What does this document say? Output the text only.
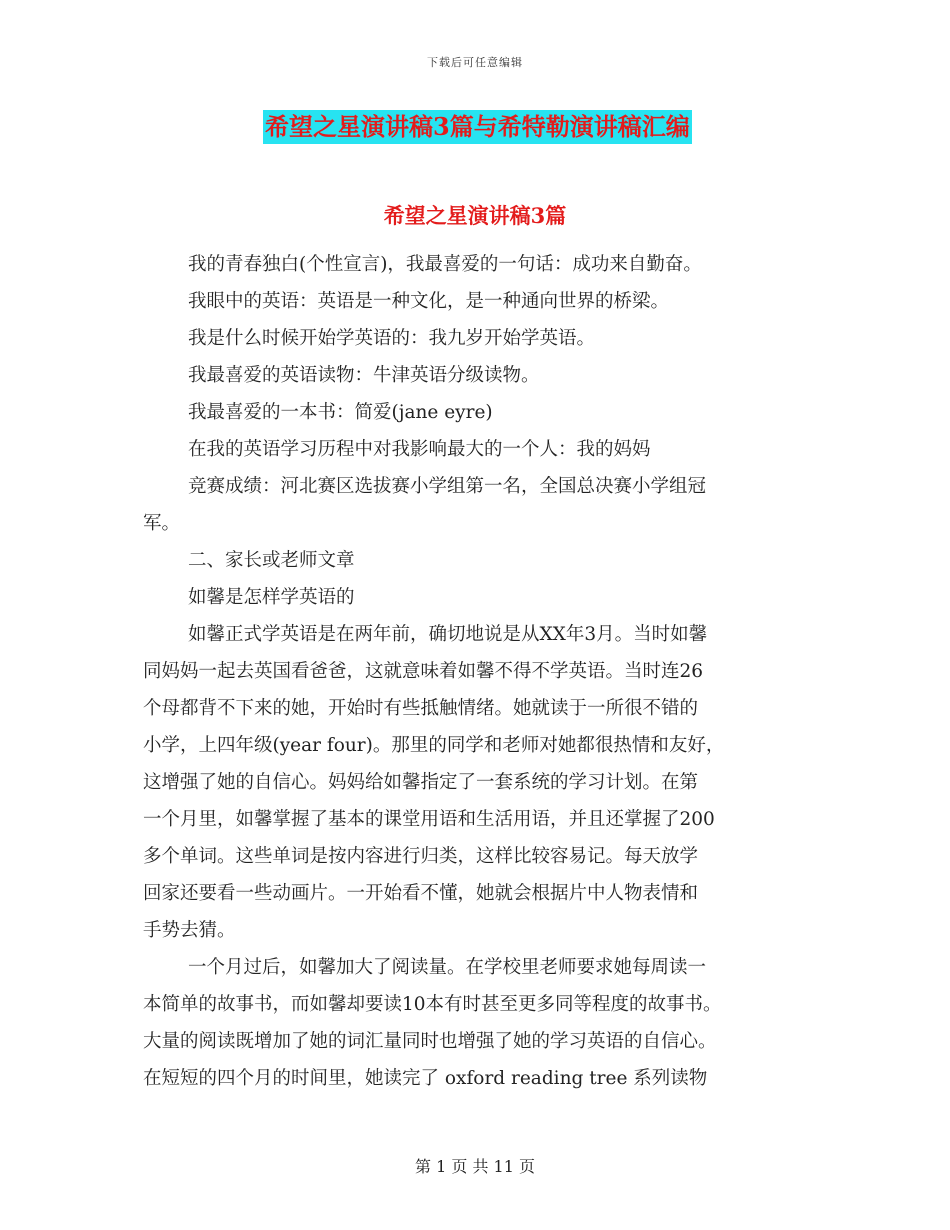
下载后可任意编辑
希望之星演讲稿3篇与希特勒演讲稿汇编
希望之星演讲稿3篇
我的青春独白(个性宣言)，我最喜爱的一句话：成功来自勤奋。
我眼中的英语：英语是一种文化，是一种通向世界的桥梁。
我是什么时候开始学英语的：我九岁开始学英语。
我最喜爱的英语读物：牛津英语分级读物。
我最喜爱的一本书：简爱(jane eyre)
在我的英语学习历程中对我影响最大的一个人：我的妈妈
竞赛成绩：河北赛区选拔赛小学组第一名，全国总决赛小学组冠
军。
二、家长或老师文章
如馨是怎样学英语的
如馨正式学英语是在两年前，确切地说是从XX年3月。当时如馨
同妈妈一起去英国看爸爸，这就意味着如馨不得不学英语。当时连26
个母都背不下来的她，开始时有些抵触情绪。她就读于一所很不错的
小学，上四年级(year four)。那里的同学和老师对她都很热情和友好，
这增强了她的自信心。妈妈给如馨指定了一套系统的学习计划。在第
一个月里，如馨掌握了基本的课堂用语和生活用语，并且还掌握了200
多个单词。这些单词是按内容进行归类，这样比较容易记。每天放学
回家还要看一些动画片。一开始看不懂，她就会根据片中人物表情和
手势去猜。
一个月过后，如馨加大了阅读量。在学校里老师要求她每周读一
本简单的故事书，而如馨却要读10本有时甚至更多同等程度的故事书。
大量的阅读既增加了她的词汇量同时也增强了她的学习英语的自信心。
在短短的四个月的时间里，她读完了 oxford reading tree 系列读物
第 1 页 共 11 页
